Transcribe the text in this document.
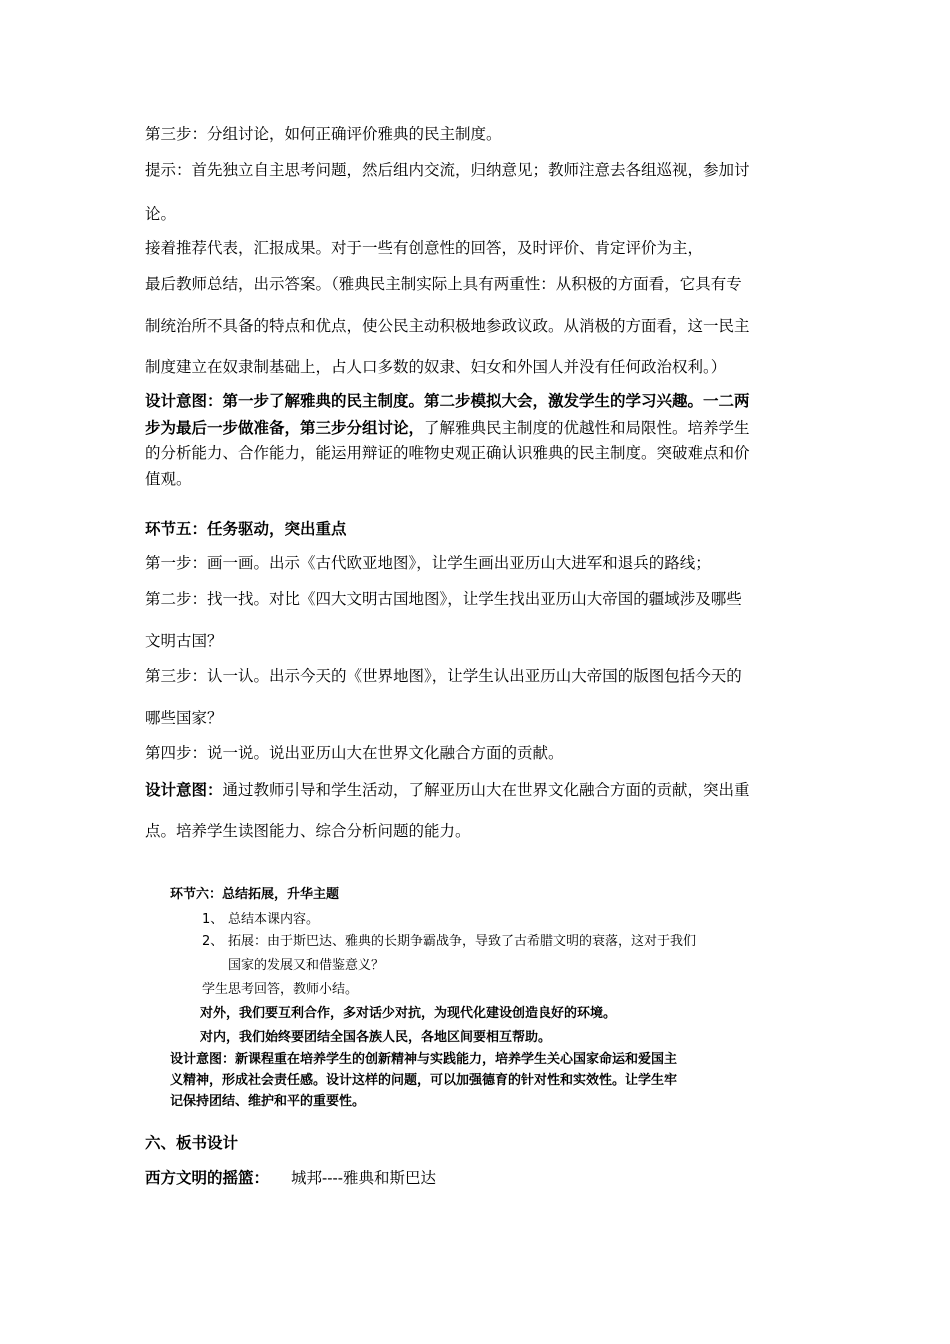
第三步：分组讨论，如何正确评价雅典的民主制度。
提示：首先独立自主思考问题，然后组内交流，归纳意见；教师注意去各组巡视，参加讨
论。
接着推荐代表，汇报成果。对于一些有创意性的回答，及时评价、肯定评价为主，
最后教师总结，出示答案。（雅典民主制实际上具有两重性：从积极的方面看，它具有专
制统治所不具备的特点和优点，使公民主动积极地参政议政。从消极的方面看，这一民主
制度建立在奴隶制基础上，占人口多数的奴隶、妇女和外国人并没有任何政治权利。）
设计意图：第一步了解雅典的民主制度。第二步模拟大会，激发学生的学习兴趣。一二两
步为最后一步做准备，第三步分组讨论，了解雅典民主制度的优越性和局限性。培养学生
的分析能力、合作能力，能运用辩证的唯物史观正确认识雅典的民主制度。突破难点和价
值观。
环节五：任务驱动，突出重点
第一步：画一画。出示《古代欧亚地图》，让学生画出亚历山大进军和退兵的路线；
第二步：找一找。对比《四大文明古国地图》，让学生找出亚历山大帝国的疆域涉及哪些
文明古国？
第三步：认一认。出示今天的《世界地图》，让学生认出亚历山大帝国的版图包括今天的
哪些国家？
第四步：说一说。说出亚历山大在世界文化融合方面的贡献。
设计意图：通过教师引导和学生活动，了解亚历山大在世界文化融合方面的贡献，突出重
点。培养学生读图能力、综合分析问题的能力。
环节六：总结拓展，升华主题
1、 总结本课内容。
2、 拓展：由于斯巴达、雅典的长期争霸战争，导致了古希腊文明的衰落，这对于我们
国家的发展又和借鉴意义？
学生思考回答，教师小结。
对外，我们要互利合作，多对话少对抗，为现代化建设创造良好的环境。
对内，我们始终要团结全国各族人民，各地区间要相互帮助。
设计意图：新课程重在培养学生的创新精神与实践能力，培养学生关心国家命运和爱国主
义精神，形成社会责任感。设计这样的问题，可以加强德育的针对性和实效性。让学生牢
记保持团结、维护和平的重要性。
六、板书设计
西方文明的摇篮： 城邦----雅典和斯巴达
